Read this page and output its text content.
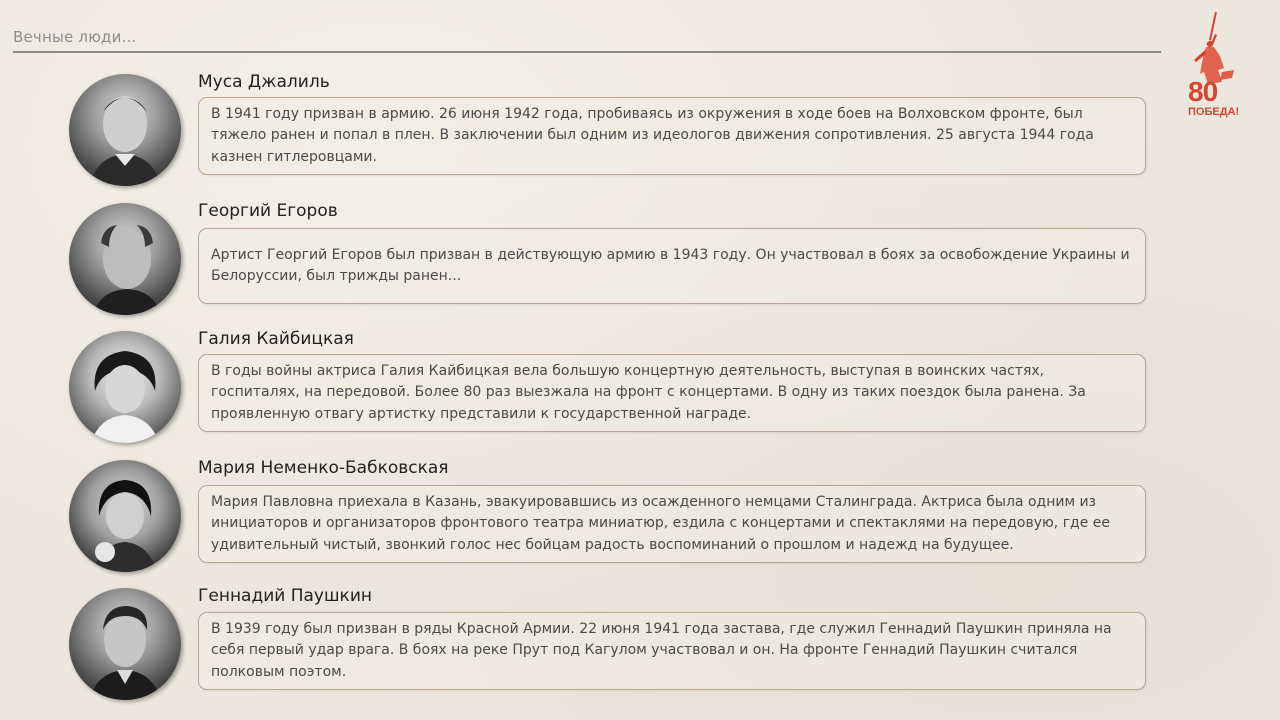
Вечные люди...
80
ПОБЕДА!
Муса Джалиль
В 1941 году призван в армию. 26 июня 1942 года, пробиваясь из окружения в ходе боев на Волховском фронте, был тяжело ранен и попал в плен. В заключении был одним из идеологов движения сопротивления. 25 августа 1944 года казнен гитлеровцами.
Георгий Егоров
Артист Георгий Егоров был призван в действующую армию в 1943 году. Он участвовал в боях за освобождение Украины и Белоруссии, был трижды ранен...
Галия Кайбицкая
В годы войны актриса Галия Кайбицкая вела большую концертную деятельность, выступая в воинских частях, госпиталях, на передовой. Более 80 раз выезжала на фронт с концертами. В одну из таких поездок была ранена. За проявленную отвагу артистку представили к государственной награде.
Мария Неменко-Бабковская
Мария Павловна приехала в Казань, эвакуировавшись из осажденного немцами Сталинграда. Актриса была одним из инициаторов и организаторов фронтового театра миниатюр, ездила с концертами и спектаклями на передовую, где ее удивительный чистый, звонкий голос нес бойцам радость воспоминаний о прошлом и надежд на будущее.
Геннадий Паушкин
В 1939 году был призван в ряды Красной Армии. 22 июня 1941 года застава, где служил Геннадий Паушкин приняла на себя первый удар врага. В боях на реке Прут под Кагулом участвовал и он. На фронте Геннадий Паушкин считался полковым поэтом.
